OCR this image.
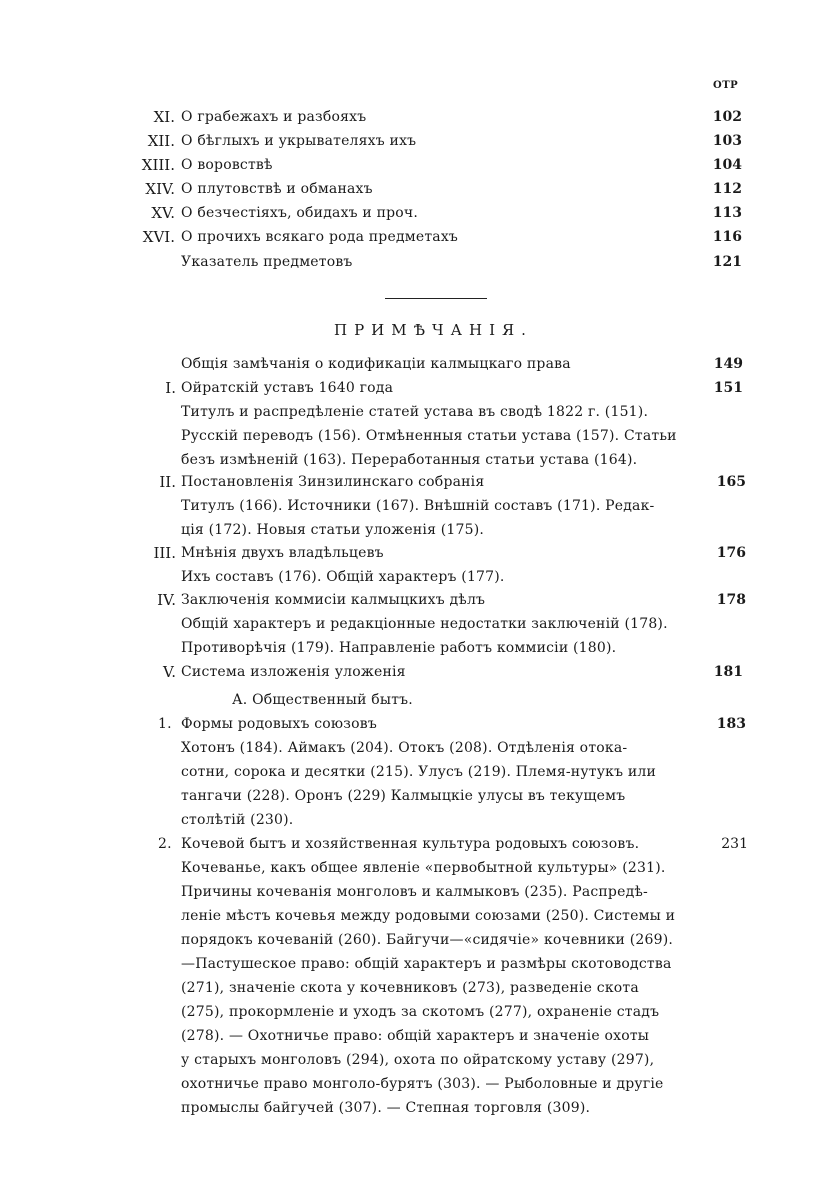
ОТР
XI. О грабежахъ и разбояхъ	102
XII. О бѣглыхъ и укрывателяхъ ихъ	103
XIII. О воровствѣ	104
XIV. О плутовствѣ и обманахъ	112
XV. О безчестіяхъ, обидахъ и проч.	113
XVI. О прочихъ всякаго рода предметахъ	116
Указатель предметовъ	121
ПРИМѢЧАНІЯ.
Общія замѣчанія о кодификаціи калмыцкаго права	149
I. Ойратскій уставъ 1640 года	151
Титулъ и распредѣленіе статей устава въ сводѣ 1822 г. (151).
Русскій переводъ (156). Отмѣненныя статьи устава (157). Статьи
безъ измѣненій (163). Переработанныя статьи устава (164).
II. Постановленія Зинзилинскаго собранія	165
Титулъ (166). Источники (167). Внѣшній составъ (171). Редак-
ція (172). Новыя статьи уложенія (175).
III. Мнѣнія двухъ владѣльцевъ	176
Ихъ составъ (176). Общій характеръ (177).
IV. Заключенія коммисіи калмыцкихъ дѣлъ	178
Общій характеръ и редакціонные недостатки заключеній (178).
Противорѣчія (179). Направленіе работъ коммисіи (180).
V. Система изложенія уложенія	181
А. Общественный бытъ.
1. Формы родовыхъ союзовъ	183
Хотонъ (184). Аймакъ (204). Отокъ (208). Отдѣленія отока-
сотни, сорока и десятки (215). Улусъ (219). Племя-нутукъ или
тангачи (228). Оронъ (229) Калмыцкіе улусы въ текущемъ
столѣтій (230).
2. Кочевой бытъ и хозяйственная культура родовыхъ союзовъ.	231
Кочеванье, какъ общее явленіе «первобытной культуры» (231).
Причины кочеванія монголовъ и калмыковъ (235). Распредѣ-
леніе мѣстъ кочевья между родовыми союзами (250). Системы и
порядокъ кочеваній (260). Байгучи—«сидячіе» кочевники (269).
—Пастушеское право: общій характеръ и размѣры скотоводства
(271), значеніе скота у кочевниковъ (273), разведеніе скота
(275), прокормленіе и уходъ за скотомъ (277), охраненіе стадъ
(278). — Охотничье право: общій характеръ и значеніе охоты
у старыхъ монголовъ (294), охота по ойратскому уставу (297),
охотничье право монголо-бурятъ (303). — Рыболовные и другіе
промыслы байгучей (307). — Степная торговля (309).
